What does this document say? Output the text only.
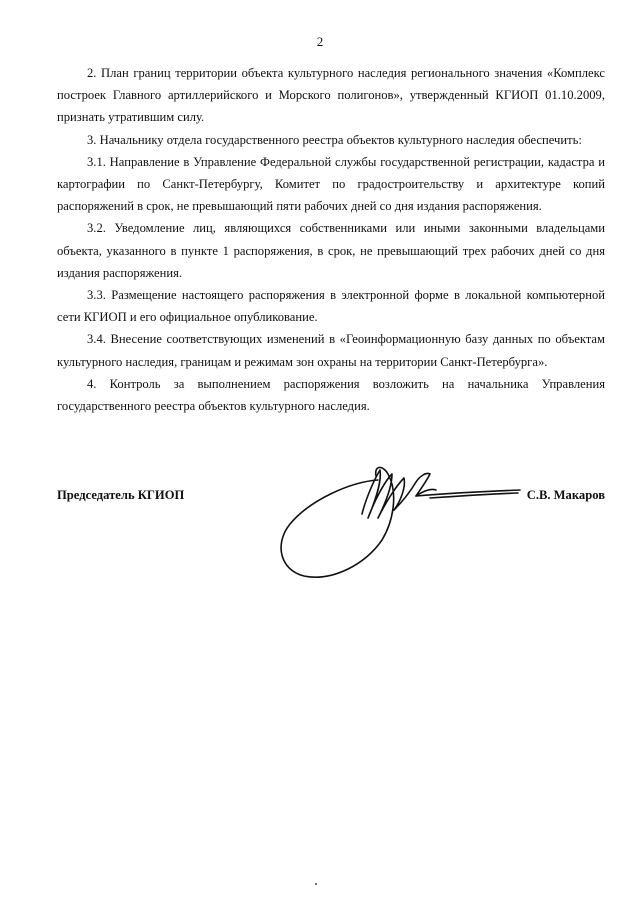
2

2. План границ территории объекта культурного наследия регионального значения «Комплекс построек Главного артиллерийского и Морского полигонов», утвержденный КГИОП 01.10.2009, признать утратившим силу.

3. Начальнику отдела государственного реестра объектов культурного наследия обеспечить:

3.1. Направление в Управление Федеральной службы государственной регистрации, кадастра и картографии по Санкт-Петербургу, Комитет по градостроительству и архитектуре копий распоряжений в срок, не превышающий пяти рабочих дней со дня издания распоряжения.

3.2. Уведомление лиц, являющихся собственниками или иными законными владельцами объекта, указанного в пункте 1 распоряжения, в срок, не превышающий трех рабочих дней со дня издания распоряжения.

3.3. Размещение настоящего распоряжения в электронной форме в локальной компьютерной сети КГИОП и его официальное опубликование.

3.4. Внесение соответствующих изменений в «Геоинформационную базу данных по объектам культурного наследия, границам и режимам зон охраны на территории Санкт-Петербурга».

4. Контроль за выполнением распоряжения возложить на начальника Управления государственного реестра объектов культурного наследия.

Председатель КГИОП	С.В. Макаров
